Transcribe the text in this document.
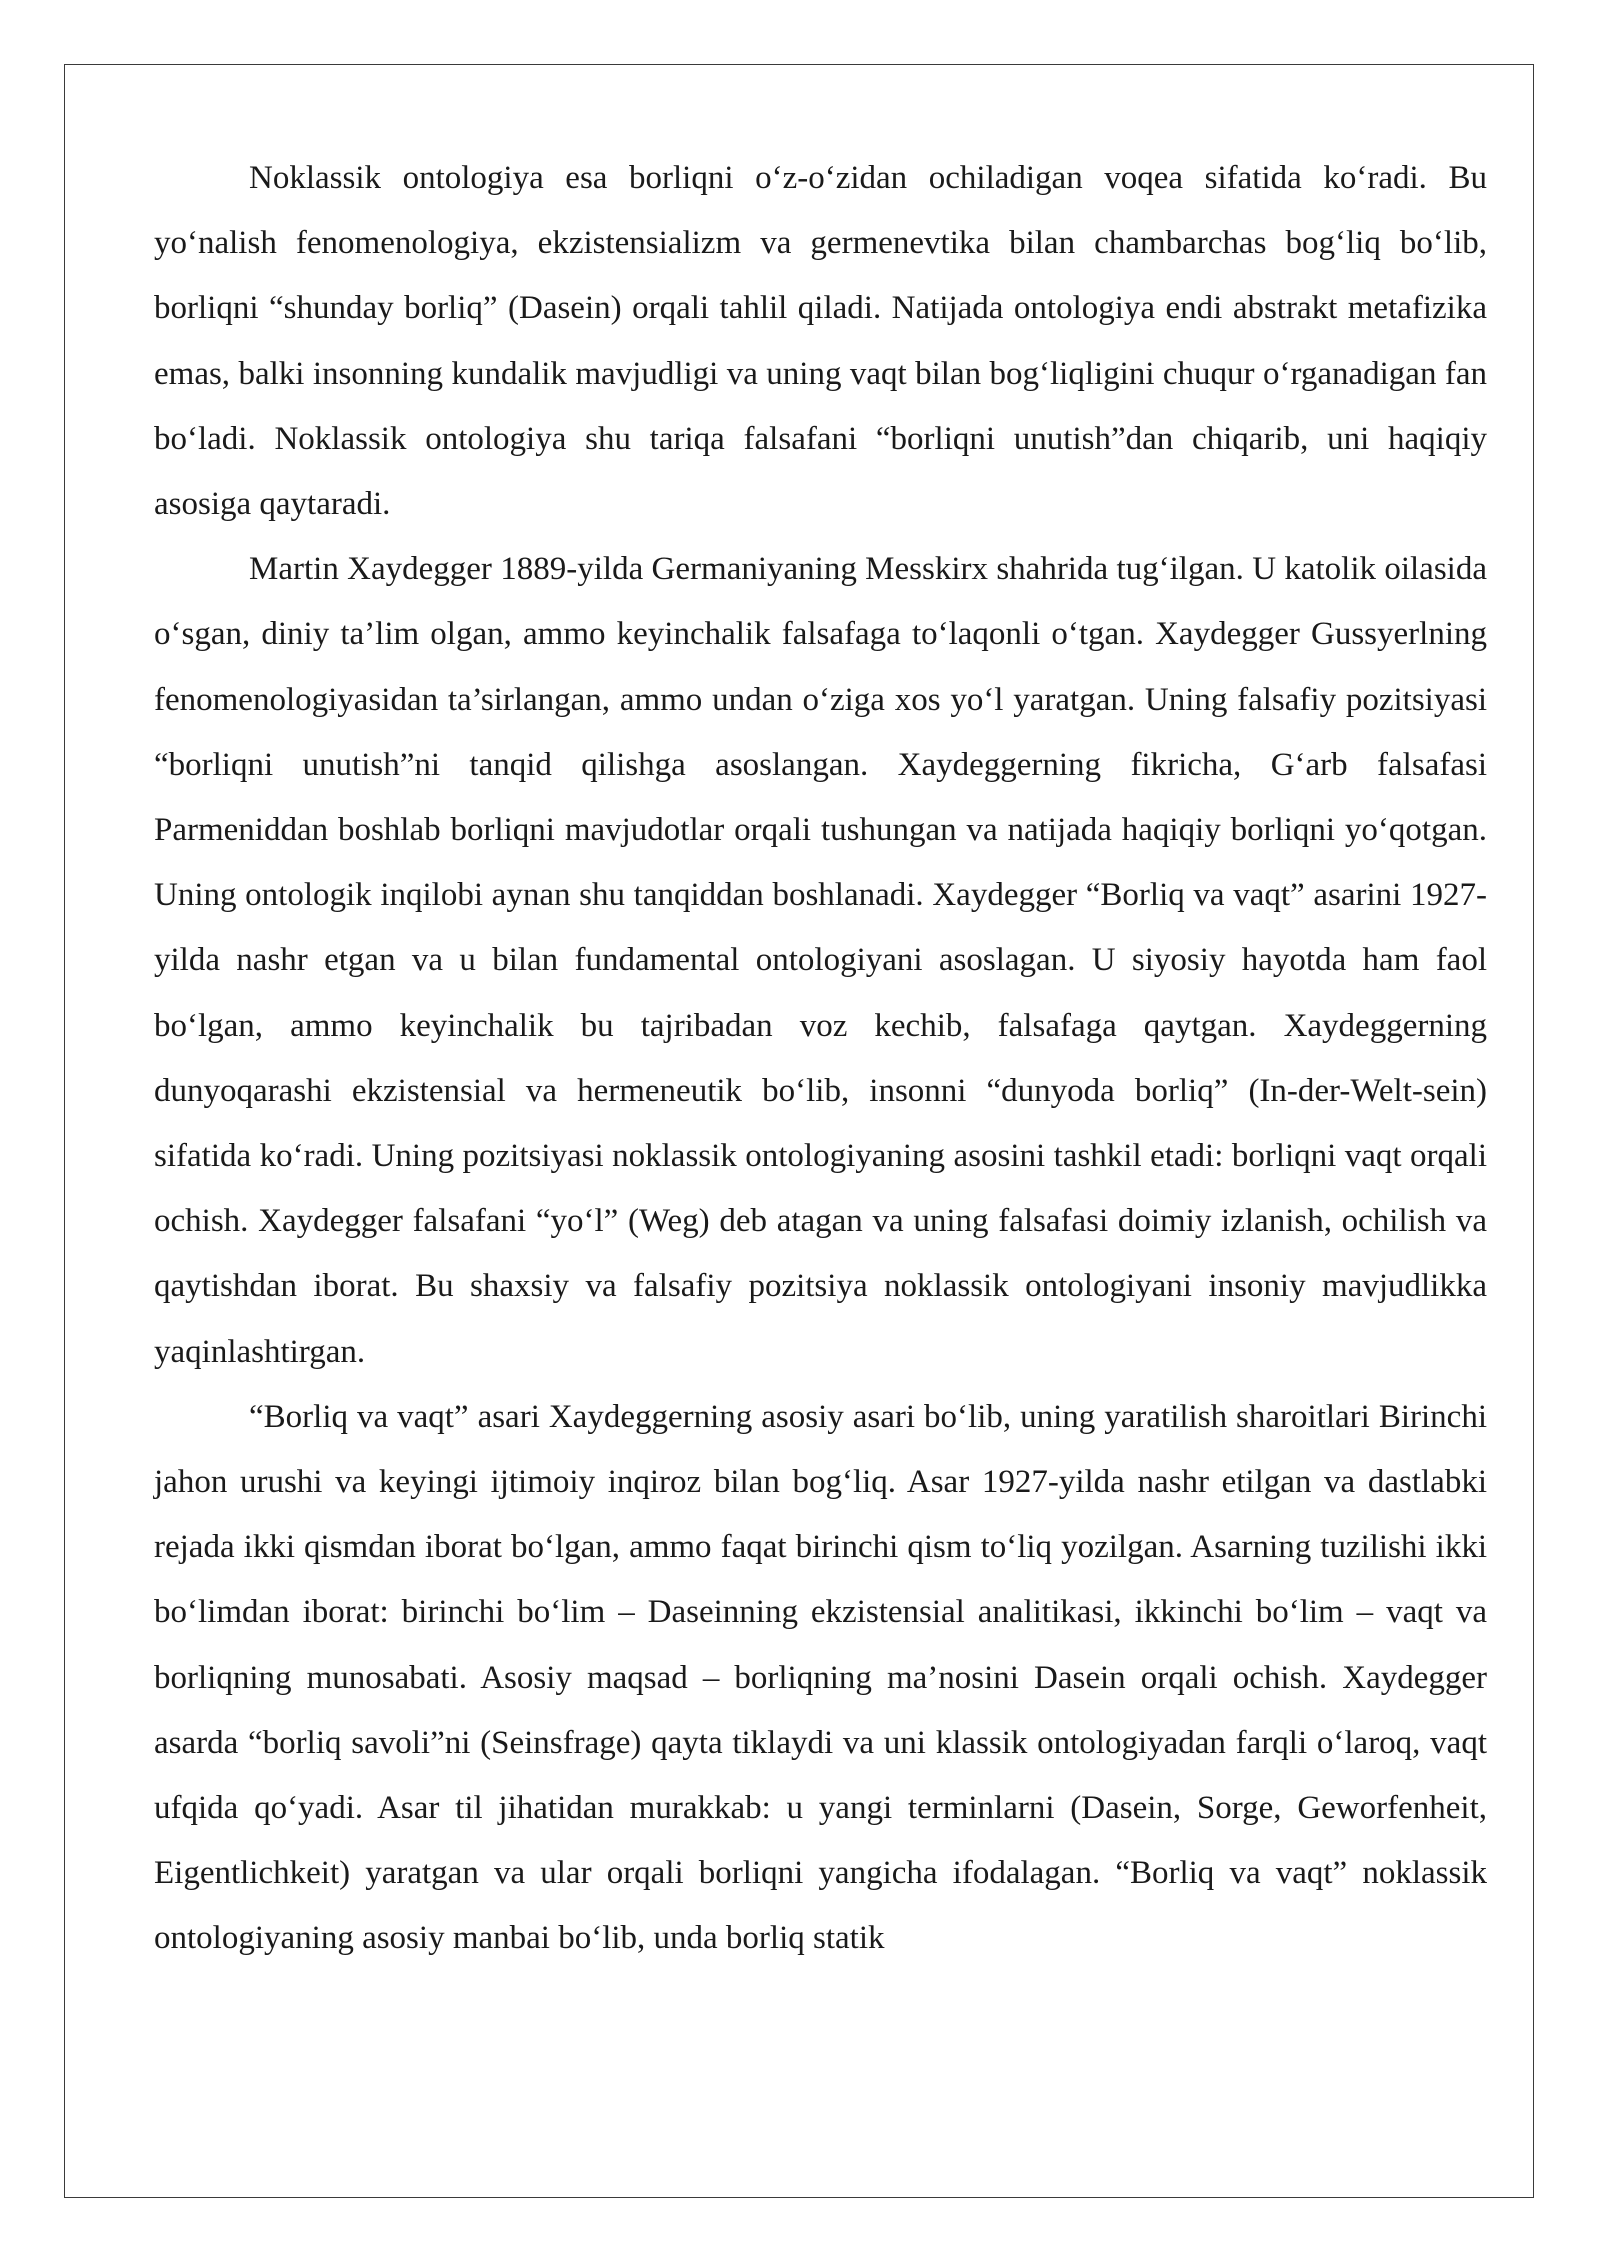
Noklassik ontologiya esa borliqni o‘z-o‘zidan ochiladigan voqea sifatida ko‘radi. Bu yo‘nalish fenomenologiya, ekzistensializm va germenevtika bilan chambarchas bog‘liq bo‘lib, borliqni “shunday borliq” (Dasein) orqali tahlil qiladi. Natijada ontologiya endi abstrakt metafizika emas, balki insonning kundalik mavjudligi va uning vaqt bilan bog‘liqligini chuqur o‘rganadigan fan bo‘ladi. Noklassik ontologiya shu tariqa falsafani “borliqni unutish”dan chiqarib, uni haqiqiy asosiga qaytaradi.

Martin Xaydegger 1889-yilda Germaniyaning Messkirx shahrida tug‘ilgan. U katolik oilasida o‘sgan, diniy ta’lim olgan, ammo keyinchalik falsafaga to‘laqonli o‘tgan. Xaydegger Gussyerlning fenomenologiyasidan ta’sirlangan, ammo undan o‘ziga xos yo‘l yaratgan. Uning falsafiy pozitsiyasi “borliqni unutish”ni tanqid qilishga asoslangan. Xaydeggerning fikricha, G‘arb falsafasi Parmeniddan boshlab borliqni mavjudotlar orqali tushungan va natijada haqiqiy borliqni yo‘qotgan. Uning ontologik inqilobi aynan shu tanqiddan boshlanadi. Xaydegger “Borliq va vaqt” asarini 1927-yilda nashr etgan va u bilan fundamental ontologiyani asoslagan. U siyosiy hayotda ham faol bo‘lgan, ammo keyinchalik bu tajribadan voz kechib, falsafaga qaytgan. Xaydeggerning dunyoqarashi ekzistensial va hermeneutik bo‘lib, insonni “dunyoda borliq” (In-der-Welt-sein) sifatida ko‘radi. Uning pozitsiyasi noklassik ontologiyaning asosini tashkil etadi: borliqni vaqt orqali ochish. Xaydegger falsafani “yo‘l” (Weg) deb atagan va uning falsafasi doimiy izlanish, ochilish va qaytishdan iborat. Bu shaxsiy va falsafiy pozitsiya noklassik ontologiyani insoniy mavjudlikka yaqinlashtirgan.

“Borliq va vaqt” asari Xaydeggerning asosiy asari bo‘lib, uning yaratilish sharoitlari Birinchi jahon urushi va keyingi ijtimoiy inqiroz bilan bog‘liq. Asar 1927-yilda nashr etilgan va dastlabki rejada ikki qismdan iborat bo‘lgan, ammo faqat birinchi qism to‘liq yozilgan. Asarning tuzilishi ikki bo‘limdan iborat: birinchi bo‘lim – Daseinning ekzistensial analitikasi, ikkinchi bo‘lim – vaqt va borliqning munosabati. Asosiy maqsad – borliqning ma’nosini Dasein orqali ochish. Xaydegger asarda “borliq savoli”ni (Seinsfrage) qayta tiklaydi va uni klassik ontologiyadan farqli o‘laroq, vaqt ufqida qo‘yadi. Asar til jihatidan murakkab: u yangi terminlarni (Dasein, Sorge, Geworfenheit, Eigentlichkeit) yaratgan va ular orqali borliqni yangicha ifodalagan. “Borliq va vaqt” noklassik ontologiyaning asosiy manbai bo‘lib, unda borliq statik
